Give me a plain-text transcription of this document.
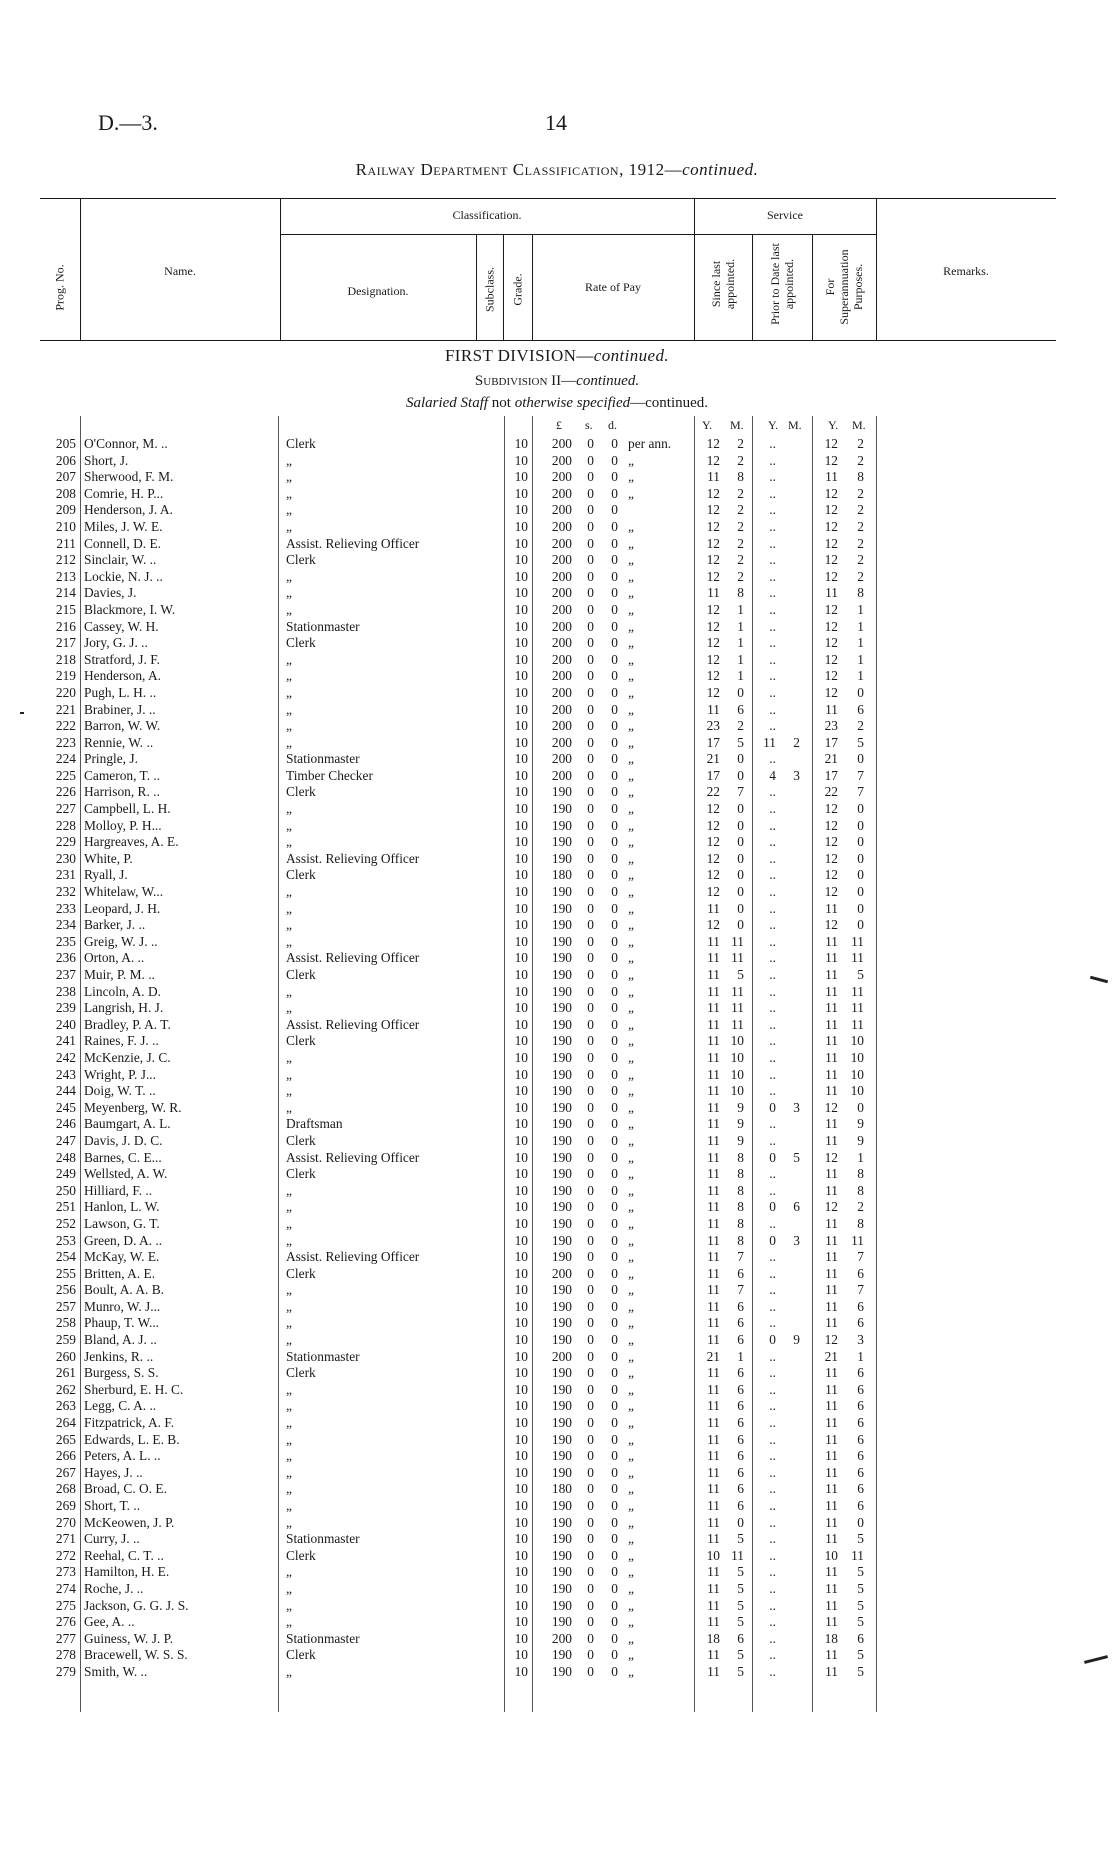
D.—3.	14
Railway Department Classification, 1912—continued.
Prog. No.	Name.
Classification.
Designation.	Subclass. Grade.	Rate of Pay
Service
Since last appointed.	Prior to Date last appointed. For Superannuation Purposes.	Remarks.
FIRST DIVISION—continued.
Subdivision II—continued.
Salaried Staff not otherwise specified—continued.
£ s. d.	Y. M. Y. M. Y. M.
205 O'Connor, M. ..	Clerk	10	200	0	0 per ann.	12	2	..	12	2
206 Short, J.	„	10	200	0	0 „	12	2	..	12	2
207 Sherwood, F. M.	„	10	200	0	0 „	11	8	..	11	8
208 Comrie, H. P...	„	10	200	0	0 „	12	2	..	12	2
209 Henderson, J. A.	„	10	200	0	0	12	2	..	12	2
210 Miles, J. W. E.	„	10	200	0	0 „	12	2	..	12	2
211 Connell, D. E.	Assist. Relieving Officer	10	200	0	0 „	12	2	..	12	2
212 Sinclair, W. ..	Clerk	10	200	0	0 „	12	2	..	12	2
213 Lockie, N. J. ..	„	10	200	0	0 „	12	2	..	12	2
214 Davies, J.	„	10	200	0	0 „	11	8	..	11	8
215 Blackmore, I. W.	„	10	200	0	0 „	12	1	..	12	1
216 Cassey, W. H.	Stationmaster	10	200	0	0 „	12	1	..	12	1
217 Jory, G. J. ..	Clerk	10	200	0	0 „	12	1	..	12	1
218 Stratford, J. F.	„	10	200	0	0 „	12	1	..	12	1
219 Henderson, A.	„	10	200	0	0 „	12	1	..	12	1
220 Pugh, L. H. ..	„	10	200	0	0 „	12	0	..	12	0
221 Brabiner, J. ..	„	10	200	0	0 „	11	6	..	11	6
222 Barron, W. W.	„	10	200	0	0 „	23	2	..	23	2
223 Rennie, W. ..	„	10	200	0	0 „	17	5	11	2	17	5
224 Pringle, J.	Stationmaster	10	200	0	0 „	21	0	..	21	0
225 Cameron, T. ..	Timber Checker	10	200	0	0 „	17	0	4	3	17	7
226 Harrison, R. ..	Clerk	10	190	0	0 „	22	7	..	22	7
227 Campbell, L. H.	„	10	190	0	0 „	12	0	..	12	0
228 Molloy, P. H...	„	10	190	0	0 „	12	0	..	12	0
229 Hargreaves, A. E.	„	10	190	0	0 „	12	0	..	12	0
230 White, P.	Assist. Relieving Officer	10	190	0	0 „	12	0	..	12	0
231 Ryall, J.	Clerk	10	180	0	0 „	12	0	..	12	0
232 Whitelaw, W...	„	10	190	0	0 „	12	0	..	12	0
233 Leopard, J. H.	„	10	190	0	0 „	11	0	..	11	0
234 Barker, J. ..	„	10	190	0	0 „	12	0	..	12	0
235 Greig, W. J. ..	„	10	190	0	0 „	11 11	..	11 11
236 Orton, A. ..	Assist. Relieving Officer	10	190	0	0 „	11 11	..	11 11
237 Muir, P. M. ..	Clerk	10	190	0	0 „	11	5	..	11	5
238 Lincoln, A. D.	„	10	190	0	0 „	11 11	..	11 11
239 Langrish, H. J.	„	10	190	0	0 „	11 11	..	11 11
240 Bradley, P. A. T.	Assist. Relieving Officer	10	190	0	0 „	11 11	..	11 11
241 Raines, F. J. ..	Clerk	10	190	0	0 „	11 10	..	11 10
242 McKenzie, J. C.	„	10	190	0	0 „	11 10	..	11 10
243 Wright, P. J...	„	10	190	0	0 „	11 10	..	11 10
244 Doig, W. T. ..	„	10	190	0	0 „	11 10	..	11 10
245 Meyenberg, W. R.	„	10	190	0	0 „	11	9	0	3	12	0
246 Baumgart, A. L.	Draftsman	10	190	0	0 „	11	9	..	11	9
247 Davis, J. D. C.	Clerk	10	190	0	0 „	11	9	..	11	9
248 Barnes, C. E...	Assist. Relieving Officer	10	190	0	0 „	11	8	0	5	12	1
249 Wellsted, A. W.	Clerk	10	190	0	0 „	11	8	..	11	8
250 Hilliard, F. ..	„	10	190	0	0 „	11	8	..	11	8
251 Hanlon, L. W.	„	10	190	0	0 „	11	8	0	6	12	2
252 Lawson, G. T.	„	10	190	0	0 „	11	8	..	11	8
253 Green, D. A. ..	„	10	190	0	0 „	11	8	0	3	11 11
254 McKay, W. E.	Assist. Relieving Officer	10	190	0	0 „	11	7	..	11	7
255 Britten, A. E.	Clerk	10	200	0	0 „	11	6	..	11	6
256 Boult, A. A. B.	„	10	190	0	0 „	11	7	..	11	7
257 Munro, W. J...	„	10	190	0	0 „	11	6	..	11	6
258 Phaup, T. W...	„	10	190	0	0 „	11	6	..	11	6
259 Bland, A. J. ..	„	10	190	0	0 „	11	6	0	9	12	3
260 Jenkins, R. ..	Stationmaster	10	200	0	0 „	21	1	..	21	1
261 Burgess, S. S.	Clerk	10	190	0	0 „	11	6	..	11	6
262 Sherburd, E. H. C.	„	10	190	0	0 „	11	6	..	11	6
263 Legg, C. A. ..	„	10	190	0	0 „	11	6	..	11	6
264 Fitzpatrick, A. F.	„	10	190	0	0 „	11	6	..	11	6
265 Edwards, L. E. B.	„	10	190	0	0 „	11	6	..	11	6
266 Peters, A. L. ..	„	10	190	0	0 „	11	6	..	11	6
267 Hayes, J. ..	„	10	190	0	0 „	11	6	..	11	6
268 Broad, C. O. E.	„	10	180	0	0 „	11	6	..	11	6
269 Short, T. ..	„	10	190	0	0 „	11	6	..	11	6
270 McKeowen, J. P.	„	10	190	0	0 „	11	0	..	11	0
271 Curry, J. ..	Stationmaster	10	190	0	0 „	11	5	..	11	5
272 Reehal, C. T. ..	Clerk	10	190	0	0 „	10 11	..	10 11
273 Hamilton, H. E.	„	10	190	0	0 „	11	5	..	11	5
274 Roche, J. ..	„	10	190	0	0 „	11	5	..	11	5
275 Jackson, G. G. J. S.	„	10	190	0	0 „	11	5	..	11	5
276 Gee, A. ..	„	10	190	0	0 „	11	5	..	11	5
277 Guiness, W. J. P.	Stationmaster	10	200	0	0 „	18	6	..	18	6
278 Bracewell, W. S. S.	Clerk	10	190	0	0 „	11	5	..	11	5
279 Smith, W. ..	„	10	190	0	0 „	11	5	..	11	5
